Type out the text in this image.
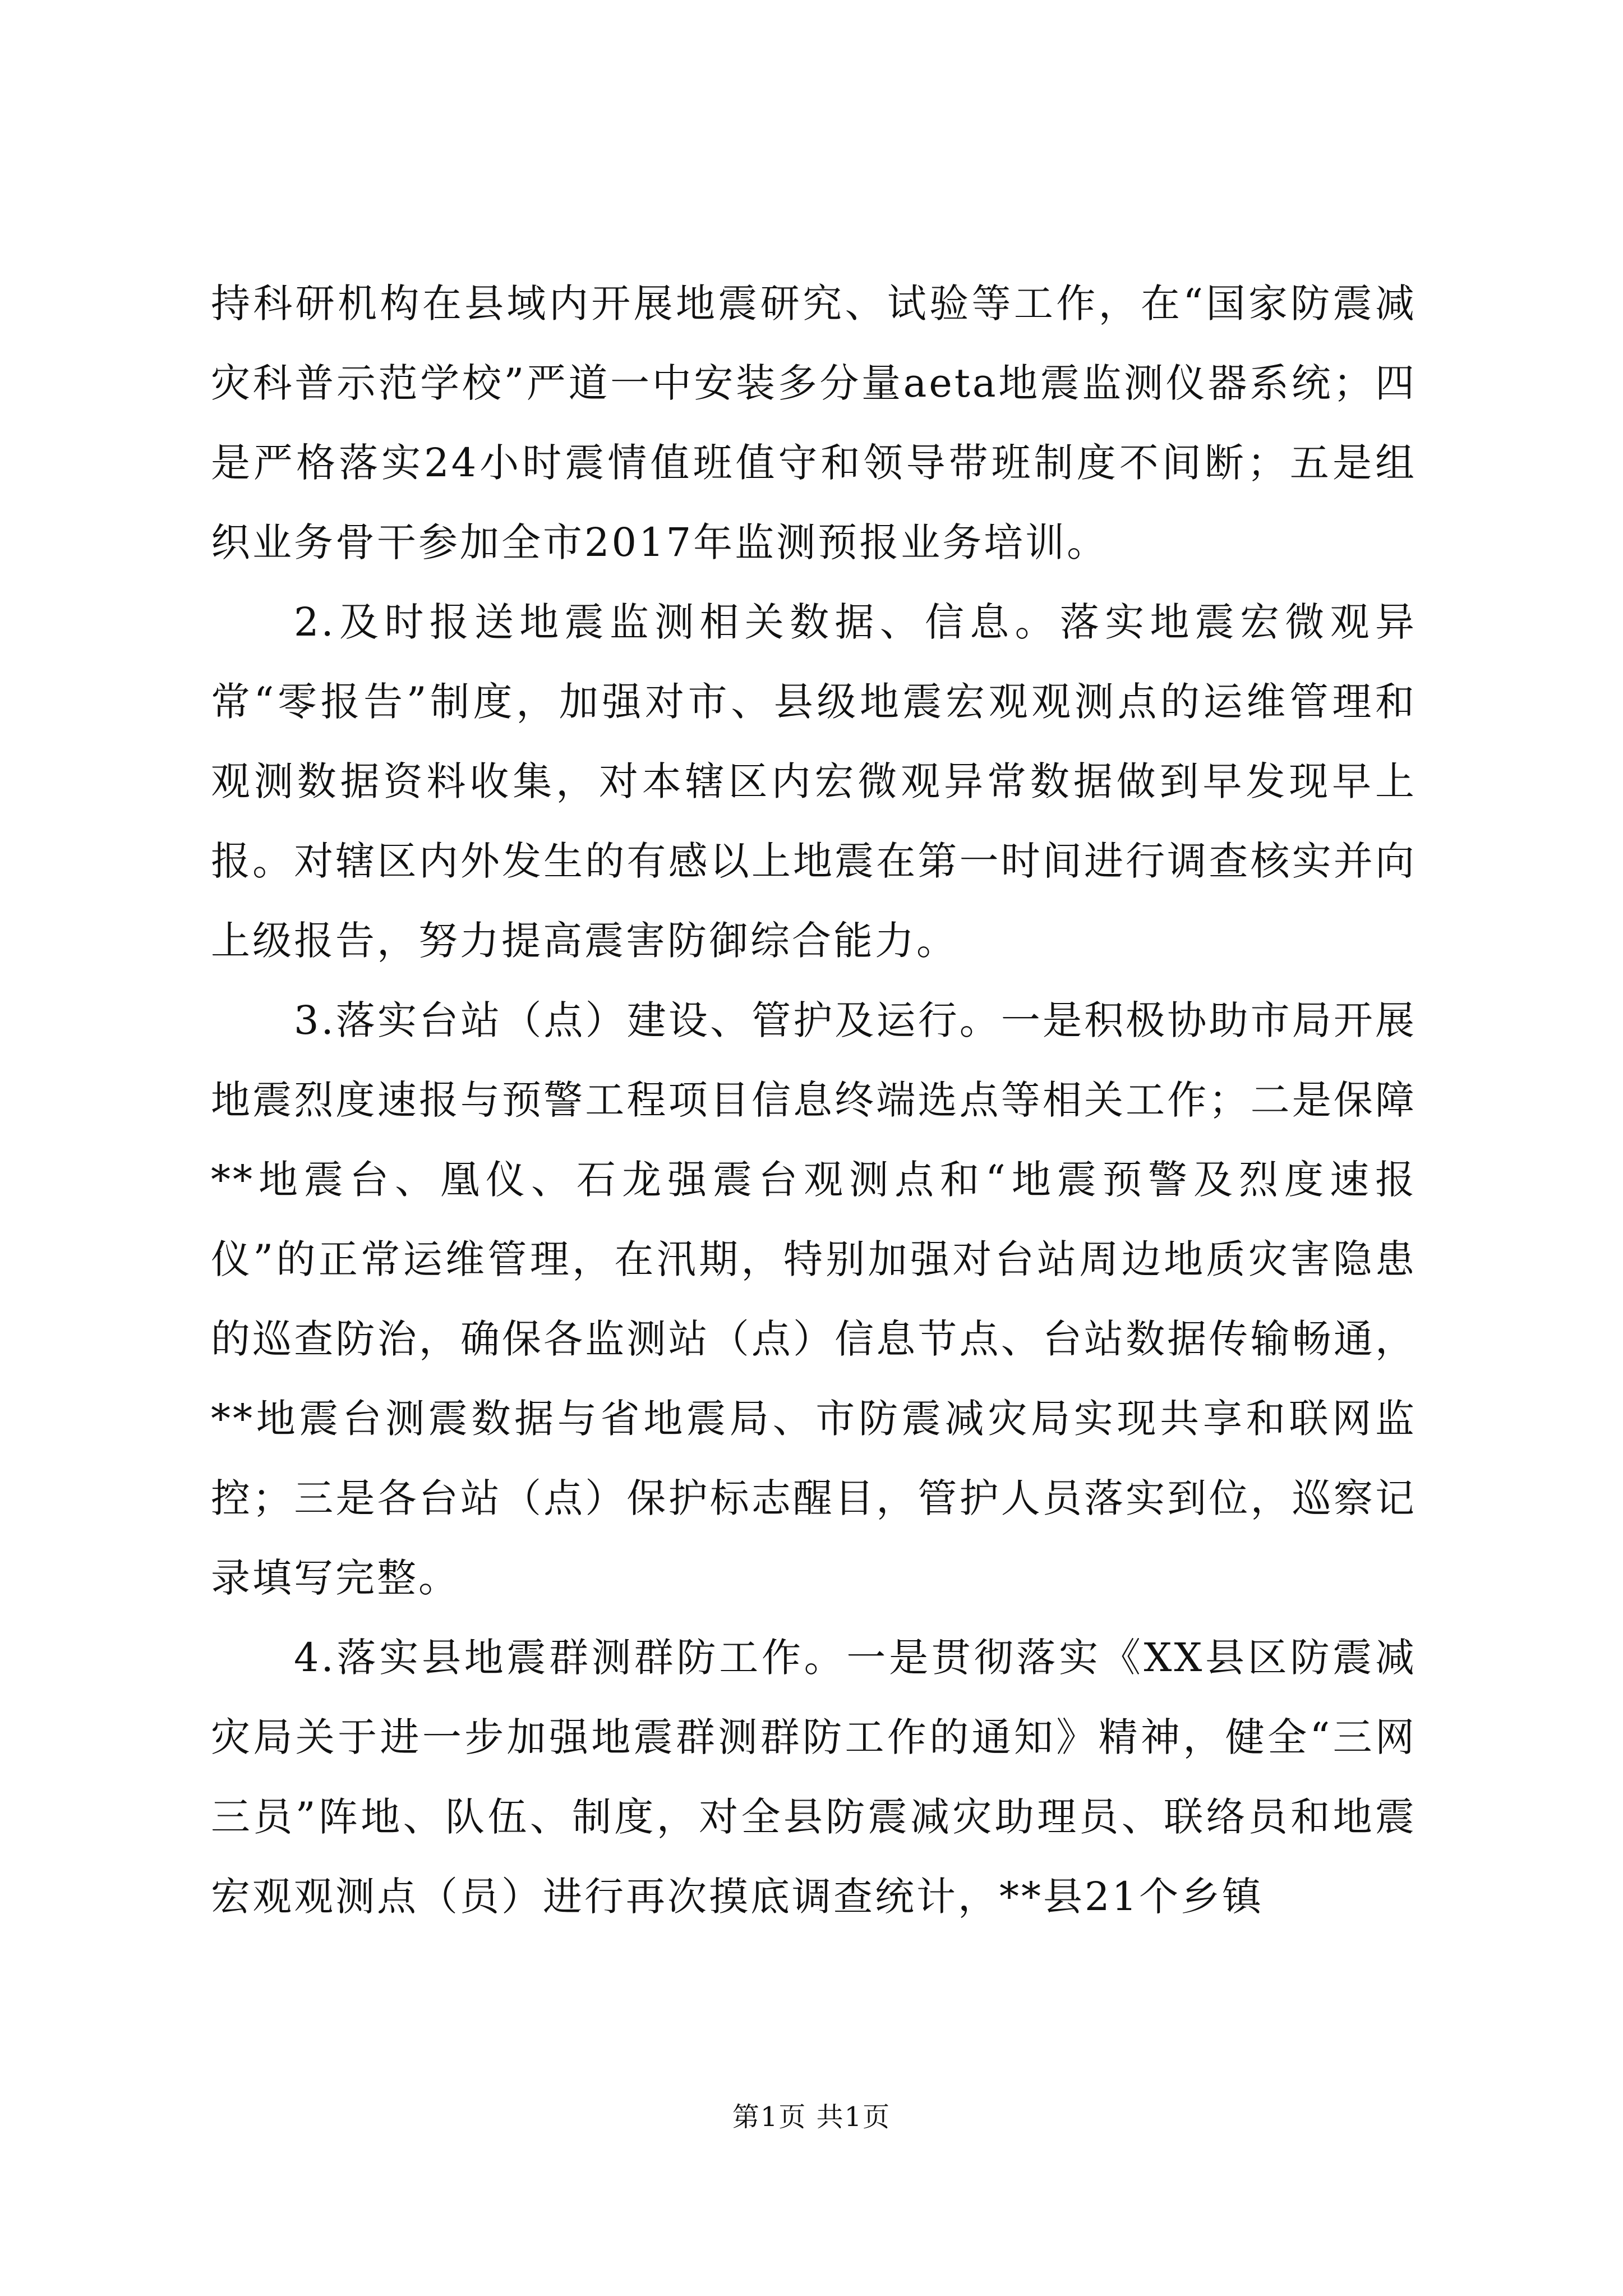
持科研机构在县域内开展地震研究、试验等工作，在“国家防震减灾科普示范学校”严道一中安装多分量aeta地震监测仪器系统；四是严格落实24小时震情值班值守和领导带班制度不间断；五是组织业务骨干参加全市2017年监测预报业务培训。

2.及时报送地震监测相关数据、信息。落实地震宏微观异常“零报告”制度，加强对市、县级地震宏观观测点的运维管理和观测数据资料收集，对本辖区内宏微观异常数据做到早发现早上报。对辖区内外发生的有感以上地震在第一时间进行调查核实并向上级报告，努力提高震害防御综合能力。

3.落实台站（点）建设、管护及运行。一是积极协助市局开展地震烈度速报与预警工程项目信息终端选点等相关工作；二是保障**地震台、凰仪、石龙强震台观测点和“地震预警及烈度速报仪”的正常运维管理，在汛期，特别加强对台站周边地质灾害隐患的巡查防治，确保各监测站（点）信息节点、台站数据传输畅通，**地震台测震数据与省地震局、市防震减灾局实现共享和联网监控；三是各台站（点）保护标志醒目，管护人员落实到位，巡察记录填写完整。

4.落实县地震群测群防工作。一是贯彻落实《XX县区防震减灾局关于进一步加强地震群测群防工作的通知》精神，健全“三网三员”阵地、队伍、制度，对全县防震减灾助理员、联络员和地震宏观观测点（员）进行再次摸底调查统计，**县21个乡镇

第1页 共1页
